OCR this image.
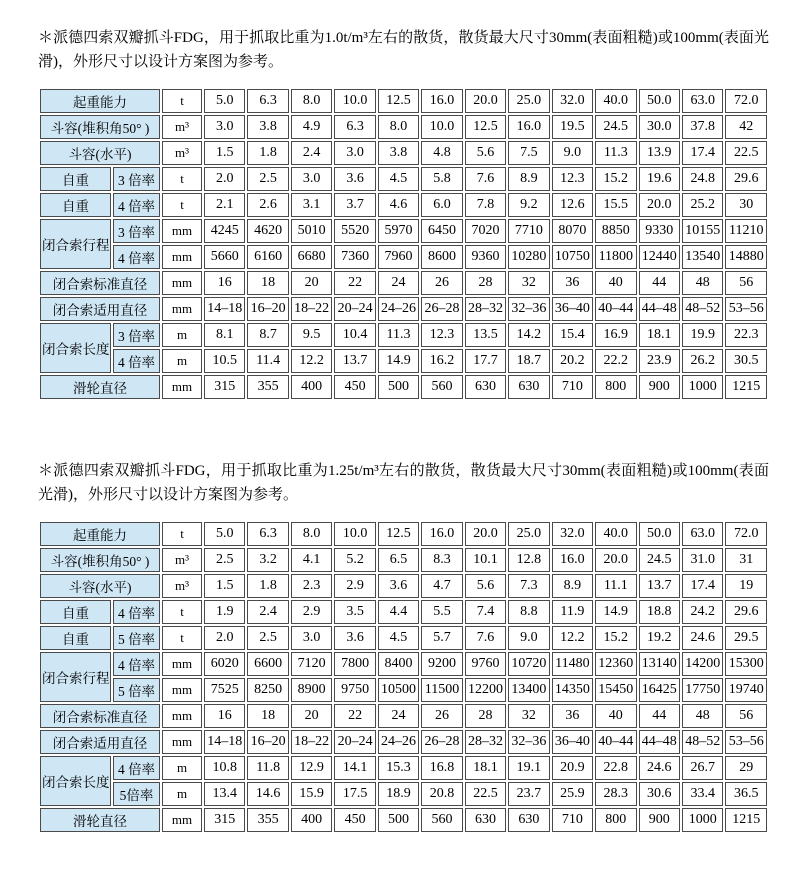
＊派德四索双瓣抓斗FDG，用于抓取比重为1.0t/m³左右的散货，散货最大尺寸30mm(表面粗糙)或100mm(表面光滑)，外形尺寸以设计方案图为参考。

起重能力		t	5.0	6.3	8.0	10.0	12.5	16.0	20.0	25.0	32.0	40.0	50.0	63.0	72.0
斗容(堆积角50° )		m³	3.0	3.8	4.9	6.3	8.0	10.0	12.5	16.0	19.5	24.5	30.0	37.8	42
斗容(水平)		m³	1.5	1.8	2.4	3.0	3.8	4.8	5.6	7.5	9.0	11.3	13.9	17.4	22.5
自重	3 倍率	t	2.0	2.5	3.0	3.6	4.5	5.8	7.6	8.9	12.3	15.2	19.6	24.8	29.6
自重	4 倍率	t	2.1	2.6	3.1	3.7	4.6	6.0	7.8	9.2	12.6	15.5	20.0	25.2	30
闭合索行程	3 倍率	mm	4245	4620	5010	5520	5970	6450	7020	7710	8070	8850	9330	10155	11210
	4 倍率	mm	5660	6160	6680	7360	7960	8600	9360	10280	10750	11800	12440	13540	14880
闭合索标准直径		mm	16	18	20	22	24	26	28	32	36	40	44	48	56
闭合索适用直径		mm	14–18	16–20	18–22	20–24	24–26	26–28	28–32	32–36	36–40	40–44	44–48	48–52	53–56
闭合索长度	3 倍率	m	8.1	8.7	9.5	10.4	11.3	12.3	13.5	14.2	15.4	16.9	18.1	19.9	22.3
	4 倍率	m	10.5	11.4	12.2	13.7	14.9	16.2	17.7	18.7	20.2	22.2	23.9	26.2	30.5
滑轮直径		mm	315	355	400	450	500	560	630	630	710	800	900	1000	1215

＊派德四索双瓣抓斗FDG，用于抓取比重为1.25t/m³左右的散货，散货最大尺寸30mm(表面粗糙)或100mm(表面光滑)，外形尺寸以设计方案图为参考。

起重能力		t	5.0	6.3	8.0	10.0	12.5	16.0	20.0	25.0	32.0	40.0	50.0	63.0	72.0
斗容(堆积角50° )		m³	2.5	3.2	4.1	5.2	6.5	8.3	10.1	12.8	16.0	20.0	24.5	31.0	31
斗容(水平)		m³	1.5	1.8	2.3	2.9	3.6	4.7	5.6	7.3	8.9	11.1	13.7	17.4	19
自重	4 倍率	t	1.9	2.4	2.9	3.5	4.4	5.5	7.4	8.8	11.9	14.9	18.8	24.2	29.6
自重	5 倍率	t	2.0	2.5	3.0	3.6	4.5	5.7	7.6	9.0	12.2	15.2	19.2	24.6	29.5
闭合索行程	4 倍率	mm	6020	6600	7120	7800	8400	9200	9760	10720	11480	12360	13140	14200	15300
	5 倍率	mm	7525	8250	8900	9750	10500	11500	12200	13400	14350	15450	16425	17750	19740
闭合索标准直径		mm	16	18	20	22	24	26	28	32	36	40	44	48	56
闭合索适用直径		mm	14–18	16–20	18–22	20–24	24–26	26–28	28–32	32–36	36–40	40–44	44–48	48–52	53–56
闭合索长度	4 倍率	m	10.8	11.8	12.9	14.1	15.3	16.8	18.1	19.1	20.9	22.8	24.6	26.7	29
	5倍率	m	13.4	14.6	15.9	17.5	18.9	20.8	22.5	23.7	25.9	28.3	30.6	33.4	36.5
滑轮直径		mm	315	355	400	450	500	560	630	630	710	800	900	1000	1215
